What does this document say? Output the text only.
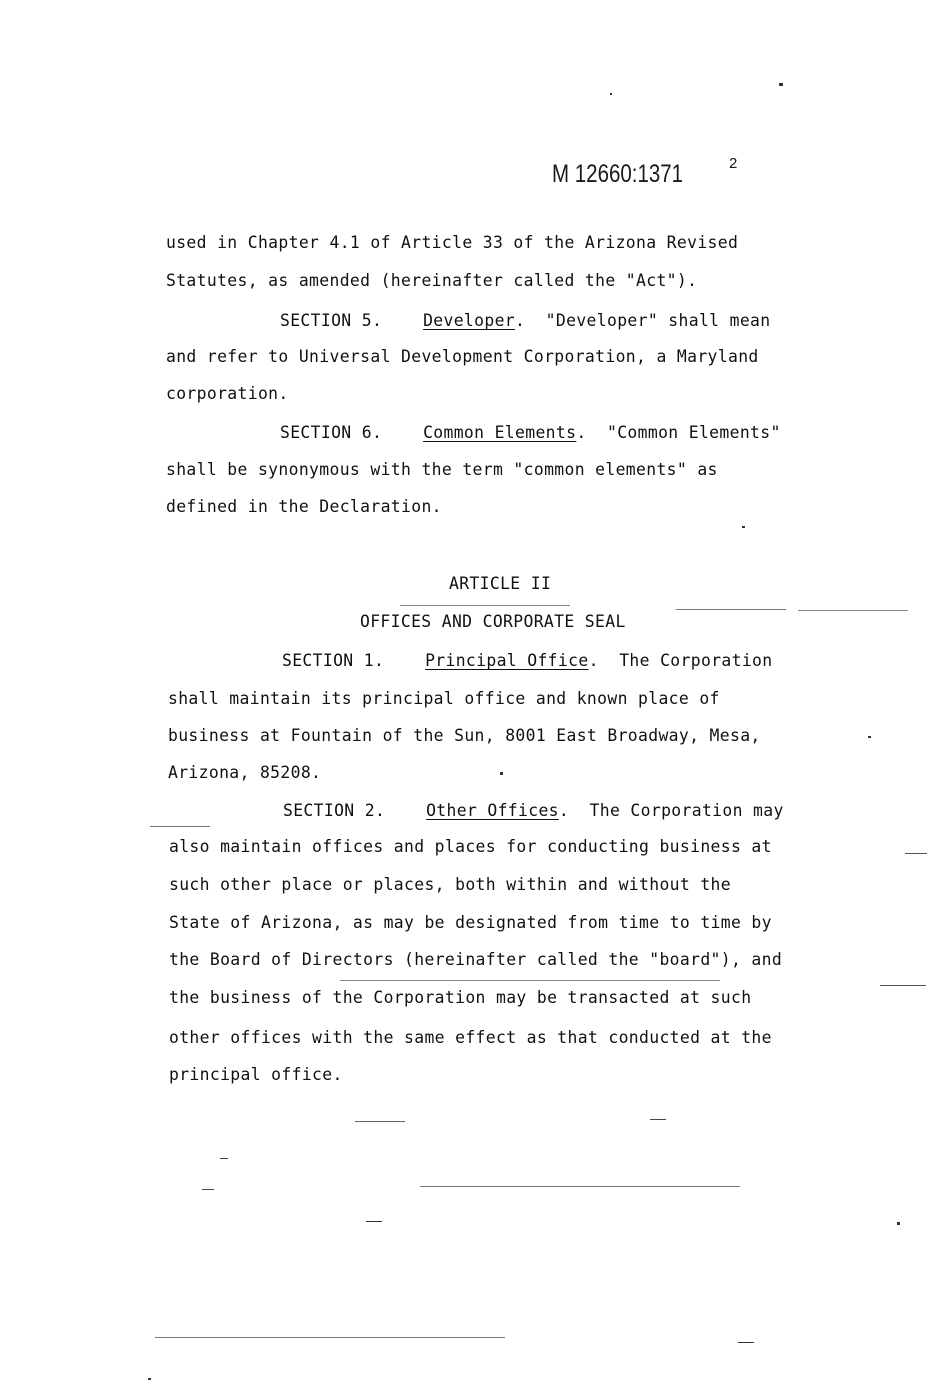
M 12660:1371	2
used in Chapter 4.1 of Article 33 of the Arizona Revised
Statutes, as amended (hereinafter called the "Act").
SECTION 5. Developer.  "Developer" shall mean
and refer to Universal Development Corporation, a Maryland
corporation.
SECTION 6. Common Elements.  "Common Elements"
shall be synonymous with the term "common elements" as
defined in the Declaration.
ARTICLE II
OFFICES AND CORPORATE SEAL
SECTION 1. Principal Office.  The Corporation
shall maintain its principal office and known place of
business at Fountain of the Sun, 8001 East Broadway, Mesa,
Arizona, 85208.
SECTION 2. Other Offices.  The Corporation may
also maintain offices and places for conducting business at
such other place or places, both within and without the
State of Arizona, as may be designated from time to time by
the Board of Directors (hereinafter called the "board"), and
the business of the Corporation may be transacted at such
other offices with the same effect as that conducted at the
principal office.
